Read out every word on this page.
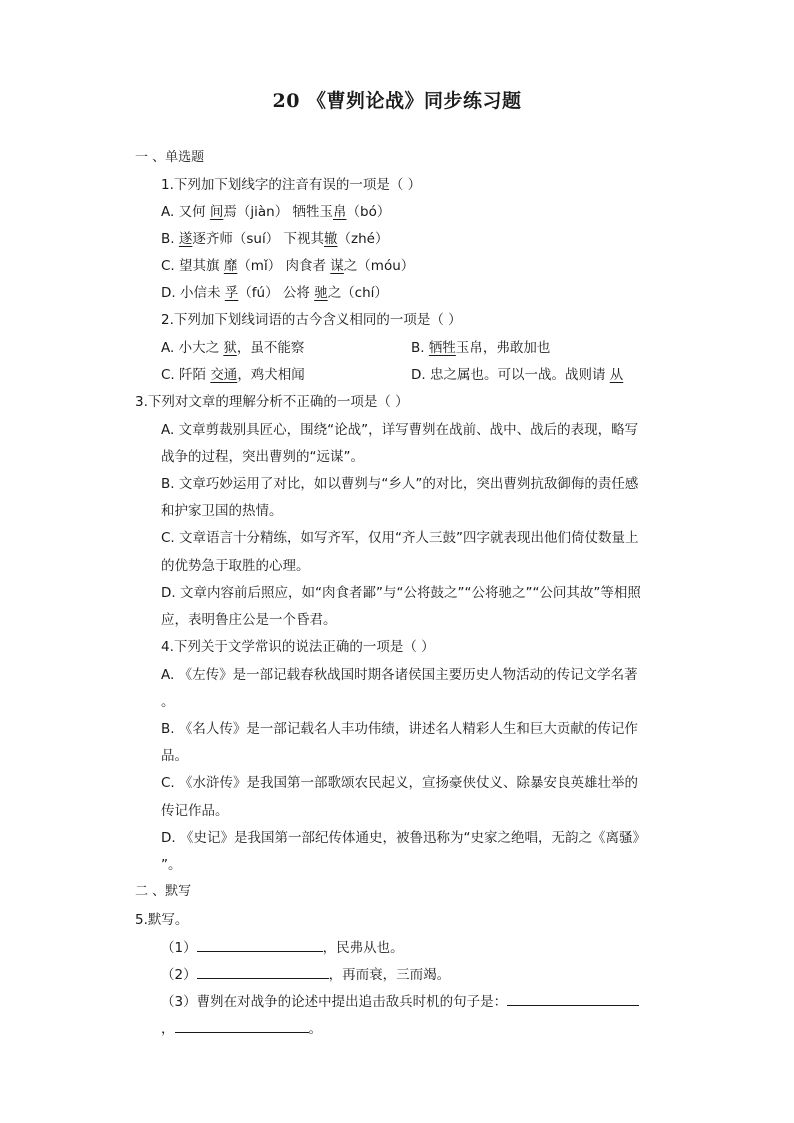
20 《曹刿论战》同步练习题
一 、单选题
1.下列加下划线字的注音有误的一项是（ ）
A. 又何 间焉（jiàn） 牺牲玉帛（bó）
B. 遂逐齐师（suí） 下视其辙（zhé）
C. 望其旗 靡（mǐ） 肉食者 谋之（móu）
D. 小信未 孚（fú） 公将 驰之（chí）
2.下列加下划线词语的古今含义相同的一项是（ ）
A. 小大之 狱，虽不能察	B. 牺牲玉帛，弗敢加也
C. 阡陌 交通，鸡犬相闻	D. 忠之属也。可以一战。战则请 从
3.下列对文章的理解分析不正确的一项是（ ）
A. 文章剪裁别具匠心，围绕“论战”，详写曹刿在战前、战中、战后的表现，略写
战争的过程，突出曹刿的“远谋”。
B. 文章巧妙运用了对比，如以曹刿与“乡人”的对比，突出曹刿抗敌御侮的责任感
和护家卫国的热情。
C. 文章语言十分精练，如写齐军，仅用“齐人三鼓”四字就表现出他们倚仗数量上
的优势急于取胜的心理。
D. 文章内容前后照应，如“肉食者鄙”与“公将鼓之”“公将驰之”“公问其故”等相照
应，表明鲁庄公是一个昏君。
4.下列关于文学常识的说法正确的一项是（ ）
A. 《左传》是一部记载春秋战国时期各诸侯国主要历史人物活动的传记文学名著
。
B. 《名人传》是一部记载名人丰功伟绩，讲述名人精彩人生和巨大贡献的传记作
品。
C. 《水浒传》是我国第一部歌颂农民起义，宣扬豪侠仗义、除暴安良英雄壮举的
传记作品。
D. 《史记》是我国第一部纪传体通史，被鲁迅称为“史家之绝唱，无韵之《离骚》
”。
二 、默写
5.默写。
（1）	，民弗从也。
（2）	，再而衰，三而竭。
（3）曹刿在对战争的论述中提出追击敌兵时机的句子是：
，	。
